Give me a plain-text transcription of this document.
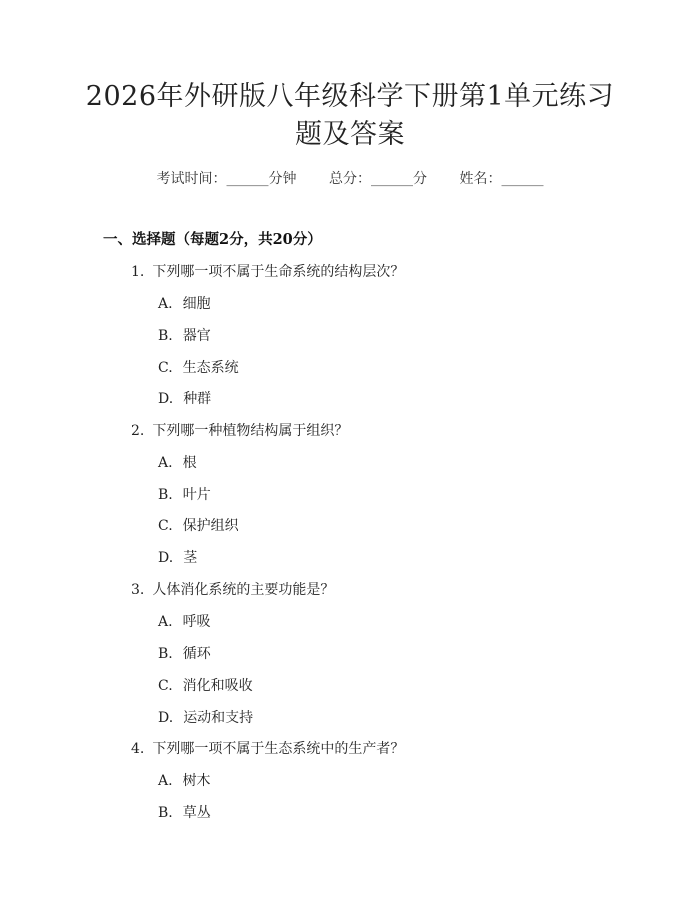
2026年外研版八年级科学下册第1单元练习
题及答案
考试时间：______分钟 总分：______分 姓名：______
一、选择题（每题2分，共20分）
1. 下列哪一项不属于生命系统的结构层次？
A. 细胞
B. 器官
C. 生态系统
D. 种群
2. 下列哪一种植物结构属于组织？
A. 根
B. 叶片
C. 保护组织
D. 茎
3. 人体消化系统的主要功能是？
A. 呼吸
B. 循环
C. 消化和吸收
D. 运动和支持
4. 下列哪一项不属于生态系统中的生产者？
A. 树木
B. 草丛
